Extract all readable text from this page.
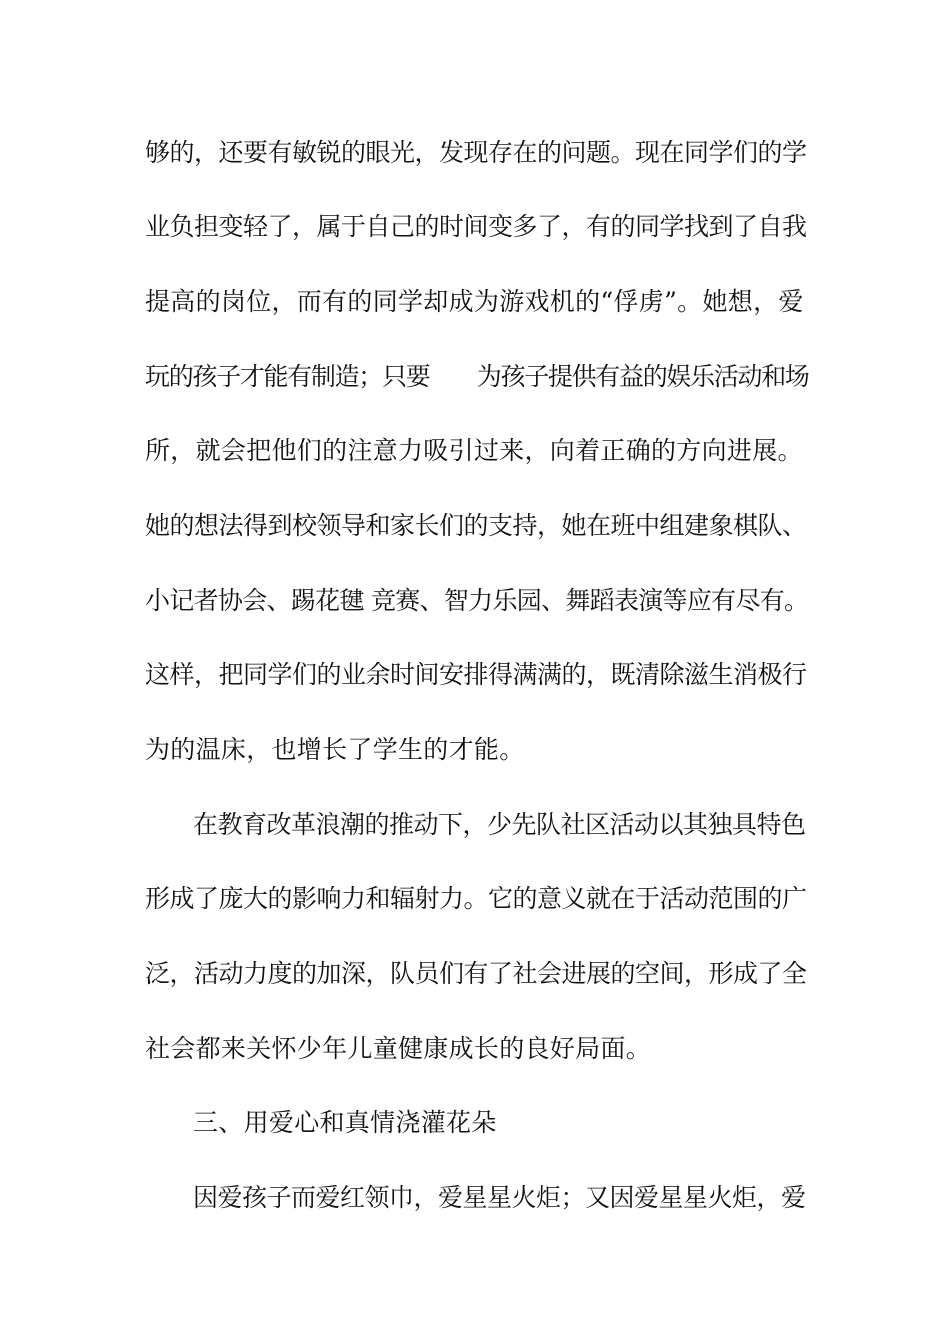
够的，还要有敏锐的眼光，发现存在的问题。现在同学们的学
业负担变轻了，属于自己的时间变多了，有的同学找到了自我
提高的岗位，而有的同学却成为游戏机的“俘虏”。她想，爱
玩的孩子才能有制造；只要　　为孩子提供有益的娱乐活动和场
所，就会把他们的注意力吸引过来，向着正确的方向进展。
她的想法得到校领导和家长们的支持，她在班中组建象棋队、
小记者协会、踢花毽 竞赛、智力乐园、舞蹈表演等应有尽有。
这样，把同学们的业余时间安排得满满的，既清除滋生消极行
为的温床，也增长了学生的才能。
在教育改革浪潮的推动下，少先队社区活动以其独具特色
形成了庞大的影响力和辐射力。它的意义就在于活动范围的广
泛，活动力度的加深，队员们有了社会进展的空间，形成了全
社会都来关怀少年儿童健康成长的良好局面。
三、用爱心和真情浇灌花朵
因爱孩子而爱红领巾，爱星星火炬；又因爱星星火炬，爱
